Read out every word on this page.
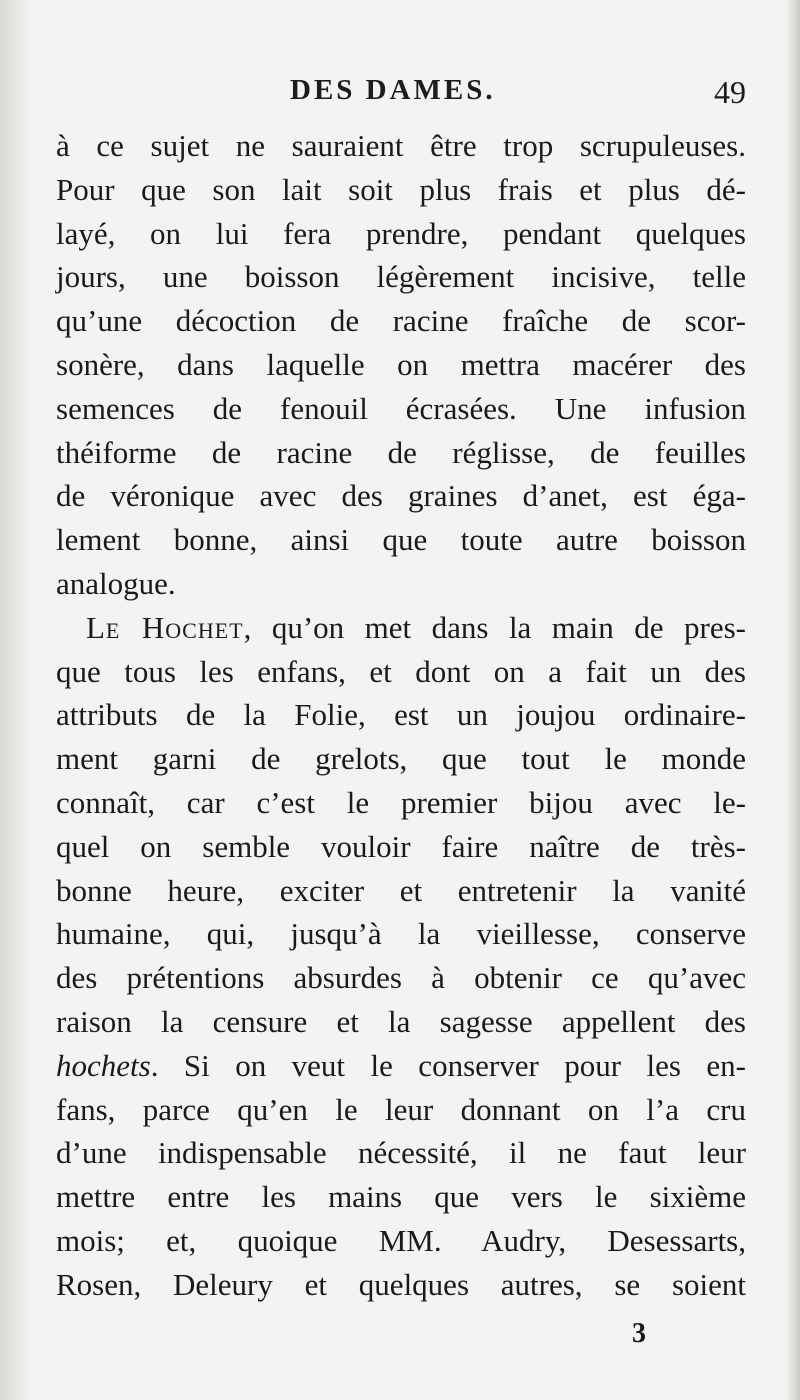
DES DAMES.	49
à ce sujet ne sauraient être trop scrupuleuses.
Pour que son lait soit plus frais et plus dé-
layé, on lui fera prendre, pendant quelques
jours, une boisson légèrement incisive, telle
qu’une décoction de racine fraîche de scor-
sonère, dans laquelle on mettra macérer des
semences de fenouil écrasées. Une infusion
théiforme de racine de réglisse, de feuilles
de véronique avec des graines d’anet, est éga-
lement bonne, ainsi que toute autre boisson
analogue.
Le Hochet, qu’on met dans la main de pres-
que tous les enfans, et dont on a fait un des
attributs de la Folie, est un joujou ordinaire-
ment garni de grelots, que tout le monde
connaît, car c’est le premier bijou avec le-
quel on semble vouloir faire naître de très-
bonne heure, exciter et entretenir la vanité
humaine, qui, jusqu’à la vieillesse, conserve
des prétentions absurdes à obtenir ce qu’avec
raison la censure et la sagesse appellent des
hochets. Si on veut le conserver pour les en-
fans, parce qu’en le leur donnant on l’a cru
d’une indispensable nécessité, il ne faut leur
mettre entre les mains que vers le sixième
mois; et, quoique MM. Audry, Desessarts,
Rosen, Deleury et quelques autres, se soient
3
